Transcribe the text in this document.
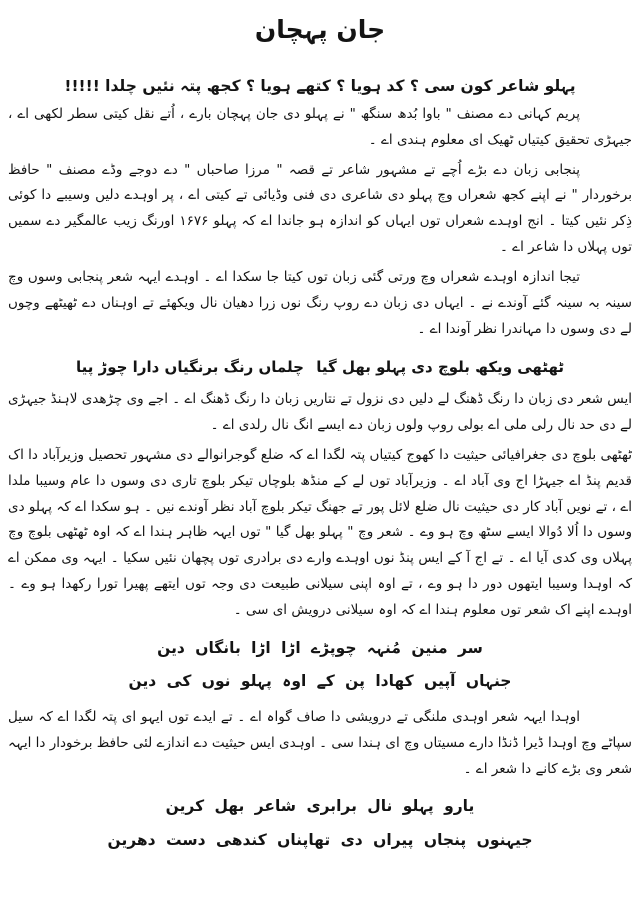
جان پہچان
پہلو شاعر کون سی ؟ کد ہویا ؟ کتھے ہویا ؟ کجھ پتہ نئیں چلدا !!!!!

پریم کہانی دے مصنف " باوا بُدھ سنگھ " نے پہلو دی جان پہچان بارے ، اُتے نقل کیتی سطر لکھی اے ، جیہڑی تحقیق کیتیاں ٹھیک ای معلوم ہندی اے ۔

پنجابی زبان دے بڑے اُچے تے مشہور شاعر تے قصہ " مرزا صاحباں " دے دوجے وڈے مصنف " حافظ برخوردار " نے اپنے کجھ شعراں وچ پہلو دی شاعری دی فنی وڈیائی تے کیتی اے ، پر اوہدے دلیں وسیبے دا کوئی ذِکر نئیں کیتا ۔ انج اوہدے شعراں توں ایہاں کو اندازہ ہو جاندا اے کہ پہلو ۱۶۷۶ اورنگ زیب عالمگیر دے سمیں توں پہلاں دا شاعر اے ۔

تیجا اندازہ اوہدے شعراں وچ ورتی گئی زبان توں کیتا جا سکدا اے ۔ اوہدے ایہہ شعر پنجابی وسوں وچ سینہ بہ سینہ گئے آوندے نے ۔ ایہاں دی زبان دے روپ رنگ نوں زرا دھیان نال ویکھئے تے اوہناں دے ٹھیٹھے وچوں لے دی وسوں دا مہاندرا نظر آوندا اے ۔

ٹھٹھی ویکھ بلوچ دی پہلو بھل گیا
چلماں رنگ برنگیاں دارا چوڑ پیا

ایس شعر دی زبان دا رنگ ڈھنگ لے دلیں دی نزول تے نتاریں زبان دا رنگ ڈھنگ اے ۔ اجے وی چڑھدی لاہنڈ جیہڑی لے دی حد نال رلی ملی اے بولی روپ ولوں زبان دے ایسے انگ نال رلدی اے ۔

ٹھٹھی بلوچ دی جغرافیائی حیثیت دا کھوج کیتیاں پتہ لگدا اے کہ ضلع گوجرانوالے دی مشہور تحصیل وزیرآباد دا اک قدیم پنڈ اے جیہڑا اج وی آباد اے ۔ وزیرآباد توں لے کے منڈھ بلوچاں تیکر بلوچ تاری دی وسوں دا عام وسیبا ملدا اے ، تے نویں آباد کار دی حیثیت نال ضلع لائل پور تے جھنگ تیکر بلوچ آباد نظر آوندے نیں ۔ ہو سکدا اے کہ پہلو دی وسوں دا اُلا دُوالا ایسے سٹھ وچ ہو وے ۔ شعر وچ " پہلو بھل گیا " توں ایہہ ظاہر ہندا اے کہ اوہ ٹھٹھی بلوچ وچ پہلاں وی کدی آیا اے ۔ تے اج آ کے ایس پنڈ نوں اوہدے وارے دی برادری توں پچھان نئیں سکیا ۔ ایہہ وی ممکن اے کہ اوہدا وسیبا ایتھوں دور دا ہو وے ، تے اوہ اپنی سیلانی طبیعت دی وجہ توں ایتھے پھیرا تورا رکھدا ہو وے ۔ اوہدے اپنے اک شعر توں معلوم ہندا اے کہ اوہ سیلانی درویش ای سی ۔

سر منین مُنہہ چوپڑے اڑا اڑا بانگاں دین
جنہاں آپیں کھادا پن کے اوہ پہلو نوں کی دین

اوہدا ایہہ شعر اوہدی ملنگی تے درویشی دا صاف گواہ اے ۔ تے ایدے توں ایہو ای پتہ لگدا اے کہ سیل سپاٹے وچ اوہدا ڈیرا ڈنڈا دارے مسیتاں وچ ای ہندا سی ۔ اوہدی ایس حیثیت دے اندازے لئی حافظ برخودار دا ایہہ شعر وی بڑے کانے دا شعر اے ۔

یارو پہلو نال برابری شاعر بھل کرین
جیہنوں پنجاں پیراں دی تھاپناں کندھی دست دھرین
